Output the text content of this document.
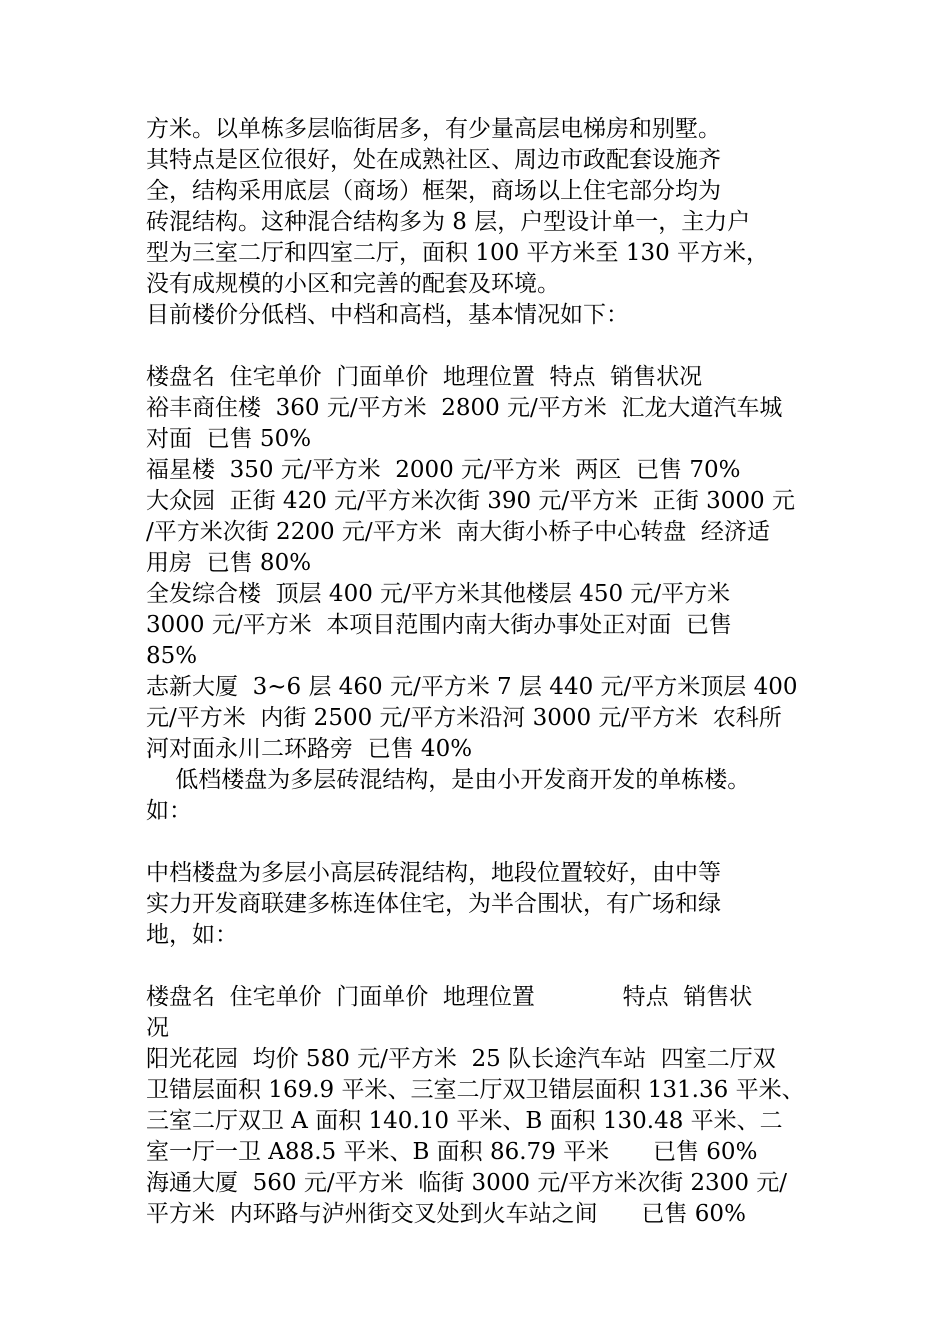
方米。以单栋多层临街居多，有少量高层电梯房和别墅。
其特点是区位很好，处在成熟社区、周边市政配套设施齐
全，结构采用底层（商场）框架，商场以上住宅部分均为
砖混结构。这种混合结构多为 8 层，户型设计单一，主力户
型为三室二厅和四室二厅，面积 100 平方米至 130 平方米，
没有成规模的小区和完善的配套及环境。
目前楼价分低档、中档和高档，基本情况如下：
楼盘名  住宅单价  门面单价  地理位置  特点  销售状况
裕丰商住楼  360 元/平方米  2800 元/平方米  汇龙大道汽车城
对面  已售 50%
福星楼  350 元/平方米  2000 元/平方米  两区  已售 70%
大众园  正街 420 元/平方米次街 390 元/平方米  正街 3000 元
/平方米次街 2200 元/平方米  南大街小桥子中心转盘  经济适
用房  已售 80%
全发综合楼  顶层 400 元/平方米其他楼层 450 元/平方米
3000 元/平方米  本项目范围内南大街办事处正对面  已售
85%
志新大厦  3~6 层 460 元/平方米 7 层 440 元/平方米顶层 400
元/平方米  内街 2500 元/平方米沿河 3000 元/平方米  农科所
河对面永川二环路旁  已售 40%
低档楼盘为多层砖混结构，是由小开发商开发的单栋楼。
如：
中档楼盘为多层小高层砖混结构，地段位置较好，由中等
实力开发商联建多栋连体住宅，为半合围状，有广场和绿
地，如：
楼盘名  住宅单价  门面单价  地理位置            特点  销售状
况
阳光花园  均价 580 元/平方米  25 队长途汽车站  四室二厅双
卫错层面积 169.9 平米、三室二厅双卫错层面积 131.36 平米、
三室二厅双卫 A 面积 140.10 平米、B 面积 130.48 平米、二
室一厅一卫 A88.5 平米、B 面积 86.79 平米      已售 60%
海通大厦  560 元/平方米  临街 3000 元/平方米次街 2300 元/
平方米  内环路与泸州街交叉处到火车站之间      已售 60%
